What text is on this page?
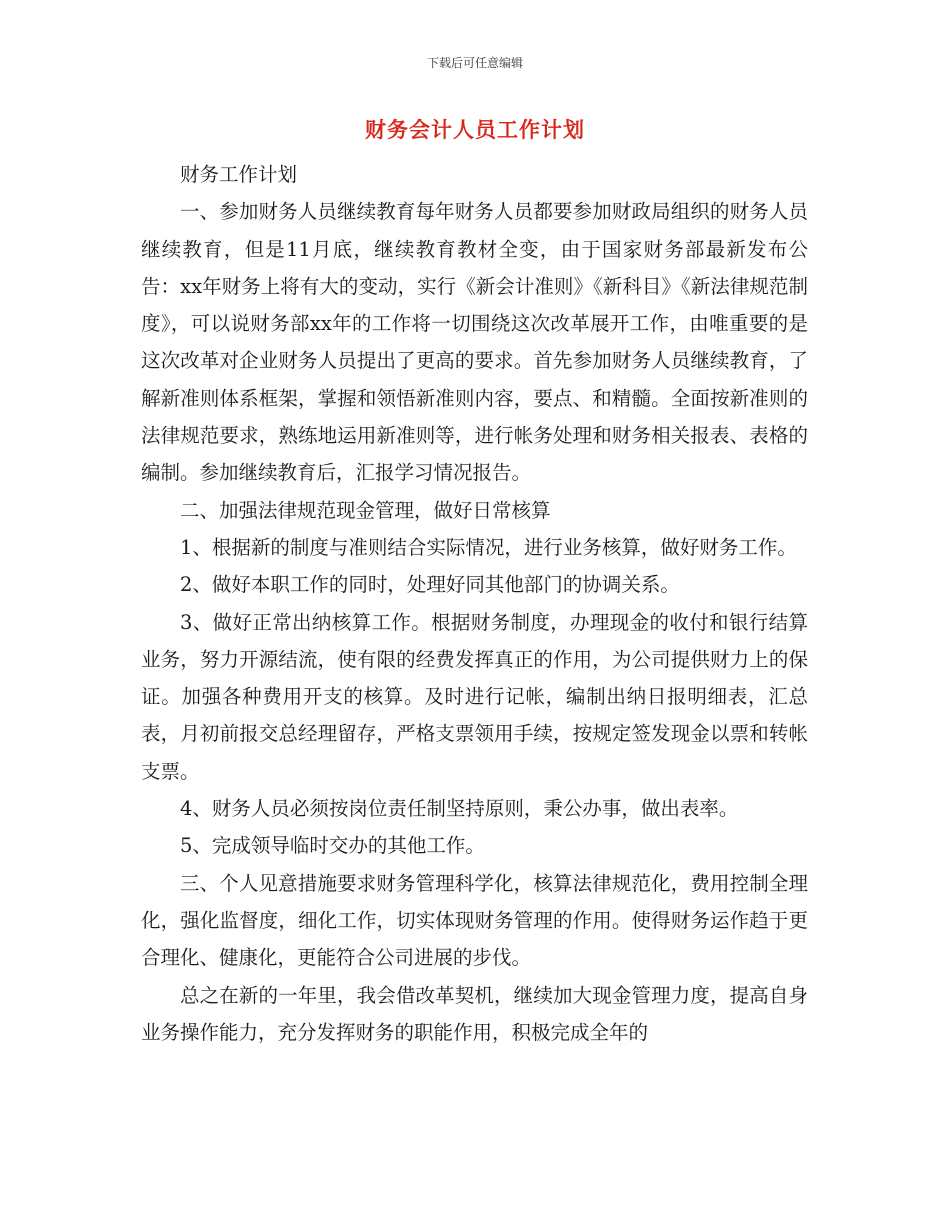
下载后可任意编辑
财务会计人员工作计划

财务工作计划

一、参加财务人员继续教育每年财务人员都要参加财政局组织的财务人员继续教育，但是11月底，继续教育教材全变，由于国家财务部最新发布公告：xx年财务上将有大的变动，实行《新会计准则》《新科目》《新法律规范制度》，可以说财务部xx年的工作将一切围绕这次改革展开工作，由唯重要的是这次改革对企业财务人员提出了更高的要求。首先参加财务人员继续教育，了解新准则体系框架，掌握和领悟新准则内容，要点、和精髓。全面按新准则的法律规范要求，熟练地运用新准则等，进行帐务处理和财务相关报表、表格的编制。参加继续教育后，汇报学习情况报告。

二、加强法律规范现金管理，做好日常核算

1、根据新的制度与准则结合实际情况，进行业务核算，做好财务工作。

2、做好本职工作的同时，处理好同其他部门的协调关系。

3、做好正常出纳核算工作。根据财务制度，办理现金的收付和银行结算业务，努力开源结流，使有限的经费发挥真正的作用，为公司提供财力上的保证。加强各种费用开支的核算。及时进行记帐，编制出纳日报明细表，汇总表，月初前报交总经理留存，严格支票领用手续，按规定签发现金以票和转帐支票。

4、财务人员必须按岗位责任制坚持原则，秉公办事，做出表率。

5、完成领导临时交办的其他工作。

三、个人见意措施要求财务管理科学化，核算法律规范化，费用控制全理化，强化监督度，细化工作，切实体现财务管理的作用。使得财务运作趋于更合理化、健康化，更能符合公司进展的步伐。

总之在新的一年里，我会借改革契机，继续加大现金管理力度，提高自身业务操作能力，充分发挥财务的职能作用，积极完成全年的
